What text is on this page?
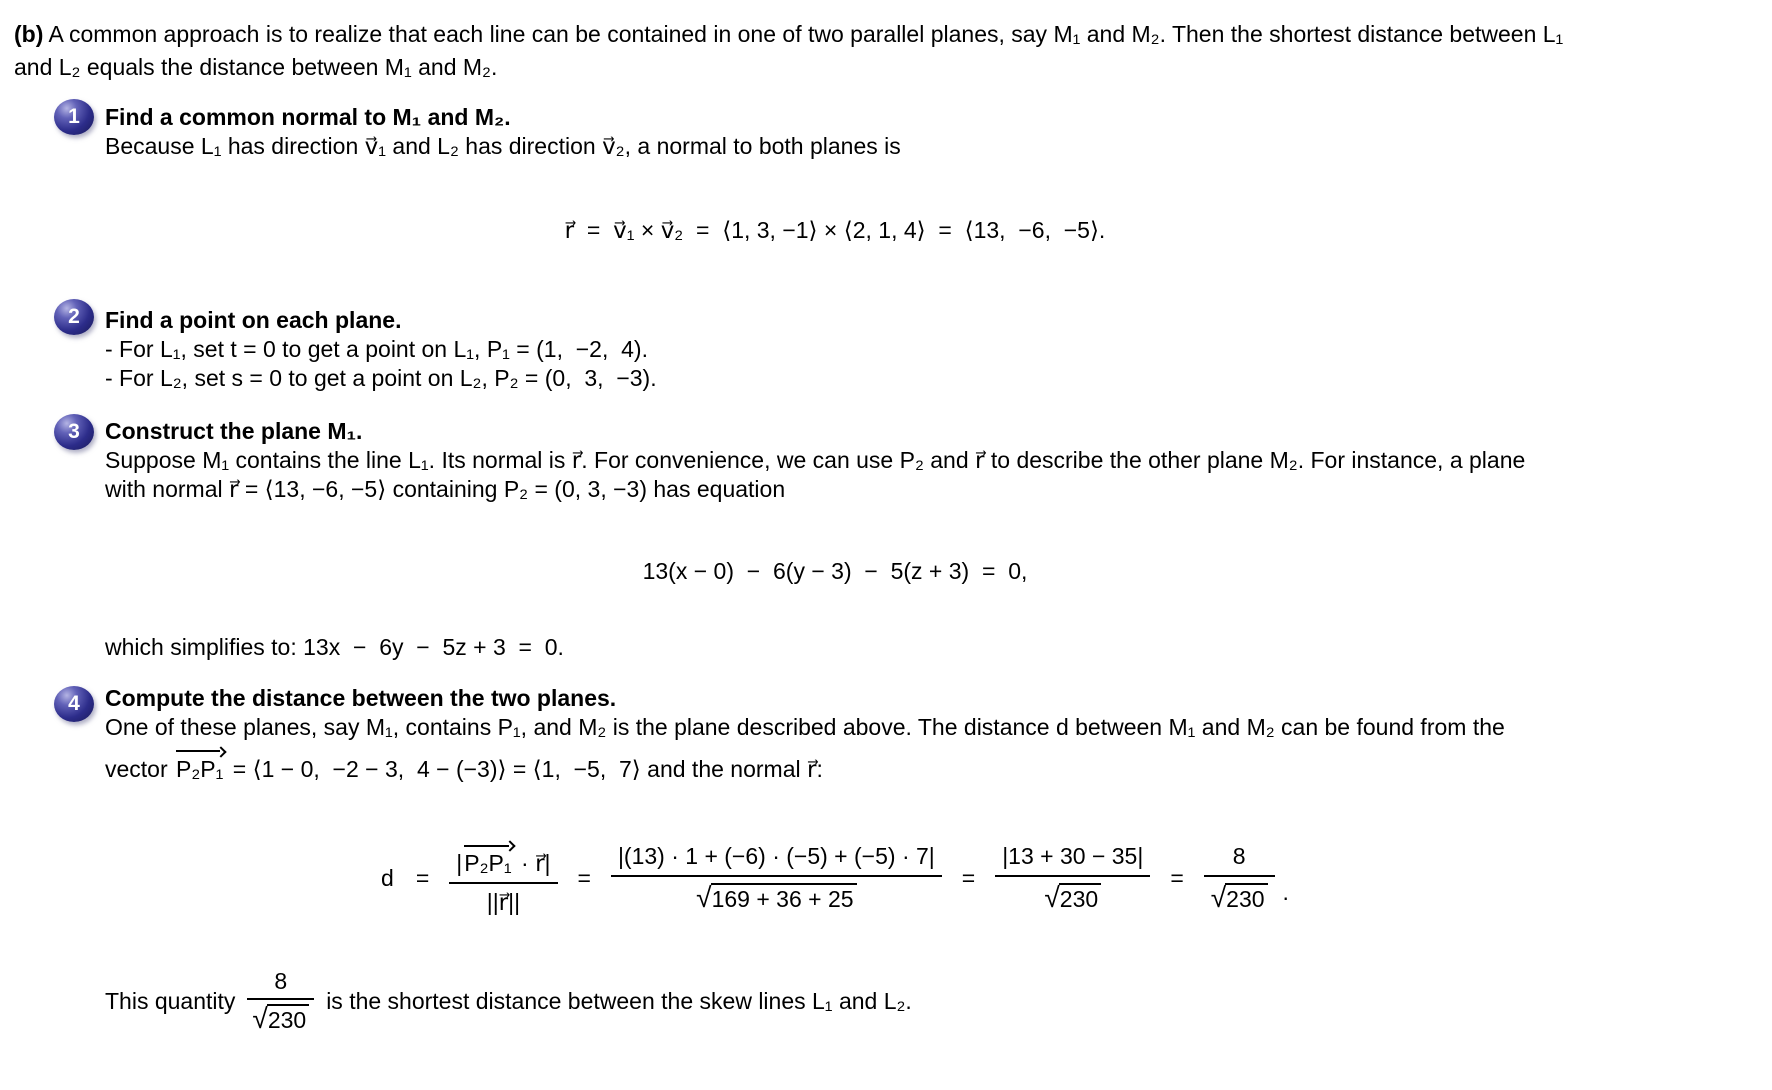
(b) A common approach is to realize that each line can be contained in one of two parallel planes, say M₁ and M₂. Then the shortest distance between L₁
and L₂ equals the distance between M₁ and M₂.
1
2
3
4
Find a common normal to M₁ and M₂.
Because L₁ has direction v⃗₁ and L₂ has direction v⃗₂, a normal to both planes is
r⃗  =  v⃗₁ × v⃗₂  =  ⟨1, 3, −1⟩ × ⟨2, 1, 4⟩  =  ⟨13,  −6,  −5⟩.
Find a point on each plane.
- For L₁, set t = 0 to get a point on L₁, P₁ = (1,  −2,  4).
- For L₂, set s = 0 to get a point on L₂, P₂ = (0,  3,  −3).
Construct the plane M₁.
Suppose M₁ contains the line L₁. Its normal is r⃗. For convenience, we can use P₂ and r⃗ to describe the other plane M₂. For instance, a plane
with normal r⃗ = ⟨13, −6, −5⟩ containing P₂ = (0, 3, −3) has equation
13(x − 0)  −  6(y − 3)  −  5(z + 3)  =  0,
which simplifies to: 13x  −  6y  −  5z + 3  =  0.
Compute the distance between the two planes.
One of these planes, say M₁, contains P₁, and M₂ is the plane described above. The distance d between M₁ and M₂ can be found from the
vector P₂P₁ = ⟨1 − 0,  −2 − 3,  4 − (−3)⟩ = ⟨1,  −5,  7⟩ and the normal r⃗:
$d = \frac{\text{|P₂P₁ · r⃗|}}{||r⃗||} = \frac{|(13) \cdot 1 + (-6) \cdot (-5) + (-5) \cdot 7|}{√169 + 36 + 25} = \frac{|13 + 30 - 35|}{√230} = \frac{8}{√230}$ .
This quantity $\frac{8}{√230}$ is the shortest distance between the skew lines L₁ and L₂.
